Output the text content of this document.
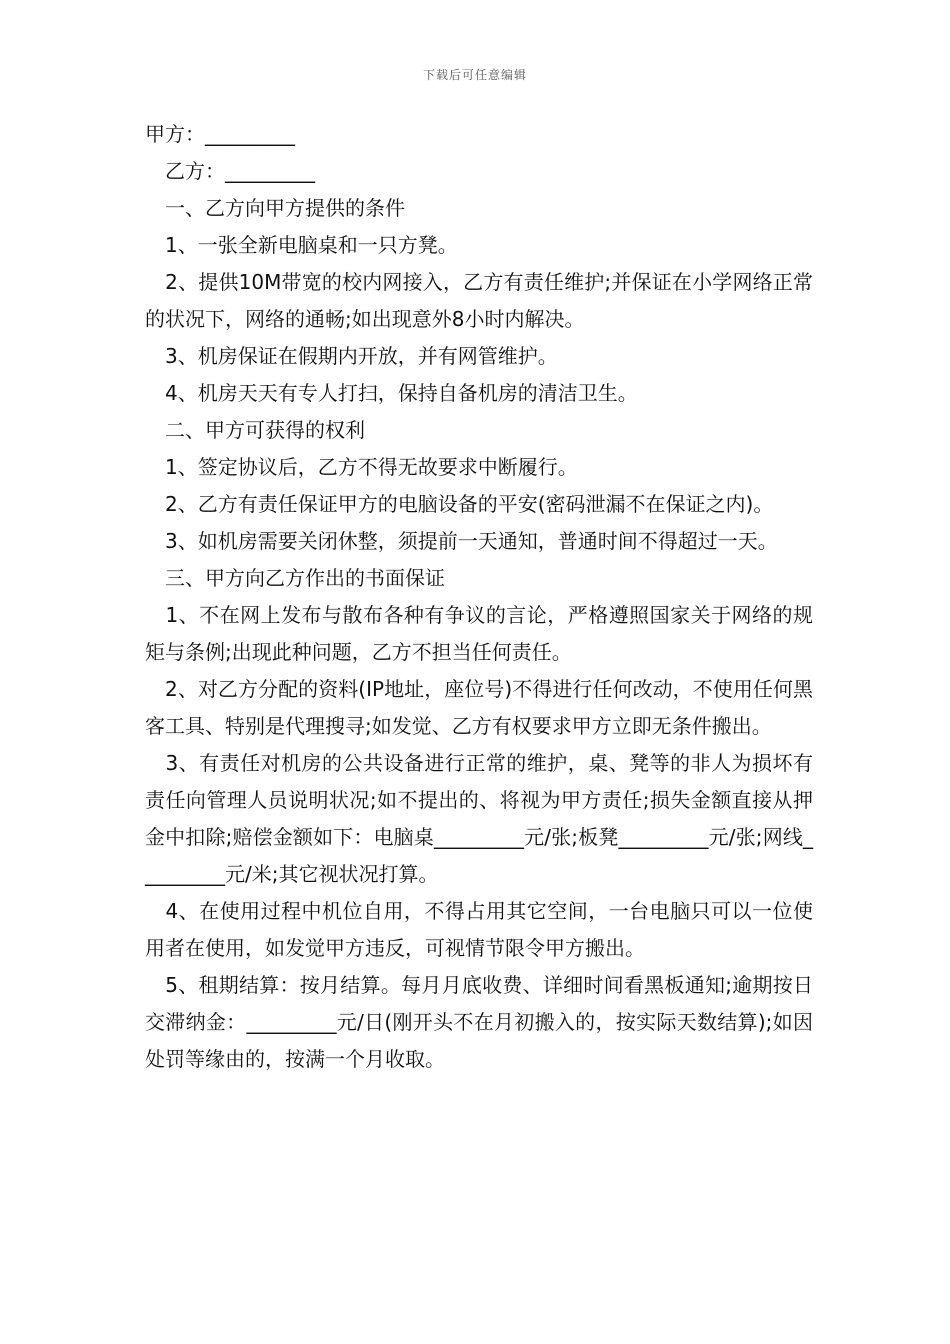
下载后可任意编辑

甲方：_________

　乙方：_________

　一、乙方向甲方提供的条件

　1、一张全新电脑桌和一只方凳。

　2、提供10M带宽的校内网接入，乙方有责任维护;并保证在小学网络正常的状况下，网络的通畅;如出现意外8小时内解决。

　3、机房保证在假期内开放，并有网管维护。

　4、机房天天有专人打扫，保持自备机房的清洁卫生。

　二、甲方可获得的权利

　1、签定协议后，乙方不得无故要求中断履行。

　2、乙方有责任保证甲方的电脑设备的平安(密码泄漏不在保证之内)。

　3、如机房需要关闭休整，须提前一天通知，普通时间不得超过一天。

　三、甲方向乙方作出的书面保证

　1、不在网上发布与散布各种有争议的言论，严格遵照国家关于网络的规矩与条例;出现此种问题，乙方不担当任何责任。

　2、对乙方分配的资料(IP地址，座位号)不得进行任何改动，不使用任何黑客工具、特别是代理搜寻;如发觉、乙方有权要求甲方立即无条件搬出。

　3、有责任对机房的公共设备进行正常的维护，桌、凳等的非人为损坏有责任向管理人员说明状况;如不提出的、将视为甲方责任;损失金额直接从押金中扣除;赔偿金额如下：电脑桌_________元/张;板凳_________元/张;网线_________元/米;其它视状况打算。

　4、在使用过程中机位自用，不得占用其它空间，一台电脑只可以一位使用者在使用，如发觉甲方违反，可视情节限令甲方搬出。

　5、租期结算：按月结算。每月月底收费、详细时间看黑板通知;逾期按日交滞纳金：_________元/日(刚开头不在月初搬入的，按实际天数结算);如因处罚等缘由的，按满一个月收取。
